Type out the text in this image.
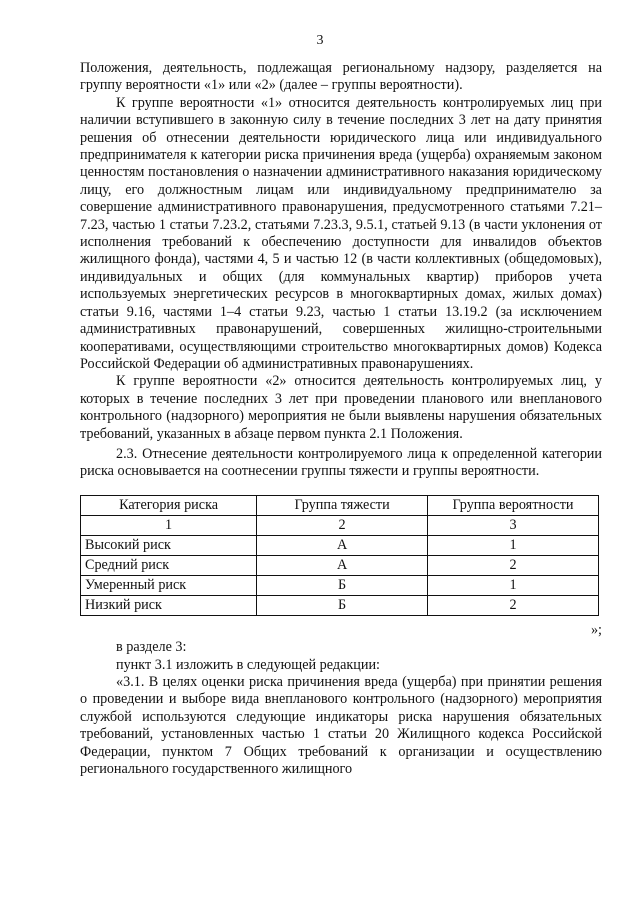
3

Положения, деятельность, подлежащая региональному надзору, разделяется на группу вероятности «1» или «2» (далее – группы вероятности).

К группе вероятности «1» относится деятельность контролируемых лиц при наличии вступившего в законную силу в течение последних 3 лет на дату принятия решения об отнесении деятельности юридического лица или индивидуального предпринимателя к категории риска причинения вреда (ущерба) охраняемым законом ценностям постановления о назначении административного наказания юридическому лицу, его должностным лицам или индивидуальному предпринимателю за совершение административного правонарушения, предусмотренного статьями 7.21–7.23, частью 1 статьи 7.23.2, статьями 7.23.3, 9.5.1, статьей 9.13 (в части уклонения от исполнения требований к обеспечению доступности для инвалидов объектов жилищного фонда), частями 4, 5 и частью 12 (в части коллективных (общедомовых), индивидуальных и общих (для коммунальных квартир) приборов учета используемых энергетических ресурсов в многоквартирных домах, жилых домах) статьи 9.16, частями 1–4 статьи 9.23, частью 1 статьи 13.19.2 (за исключением административных правонарушений, совершенных жилищно-строительными кооперативами, осуществляющими строительство многоквартирных домов) Кодекса Российской Федерации об административных правонарушениях.

К группе вероятности «2» относится деятельность контролируемых лиц, у которых в течение последних 3 лет при проведении планового или внепланового контрольного (надзорного) мероприятия не были выявлены нарушения обязательных требований, указанных в абзаце первом пункта 2.1 Положения.

2.3. Отнесение деятельности контролируемого лица к определенной категории риска основывается на соотнесении группы тяжести и группы вероятности.

Категория риска	Группа тяжести	Группа вероятности
1	2	3
Высокий риск	А	1
Средний риск	А	2
Умеренный риск	Б	1
Низкий риск	Б	2

»;

в разделе 3:

пункт 3.1 изложить в следующей редакции:

«3.1. В целях оценки риска причинения вреда (ущерба) при принятии решения о проведении и выборе вида внепланового контрольного (надзорного) мероприятия службой используются следующие индикаторы риска нарушения обязательных требований, установленных частью 1 статьи 20 Жилищного кодекса Российской Федерации, пунктом 7 Общих требований к организации и осуществлению регионального государственного жилищного
